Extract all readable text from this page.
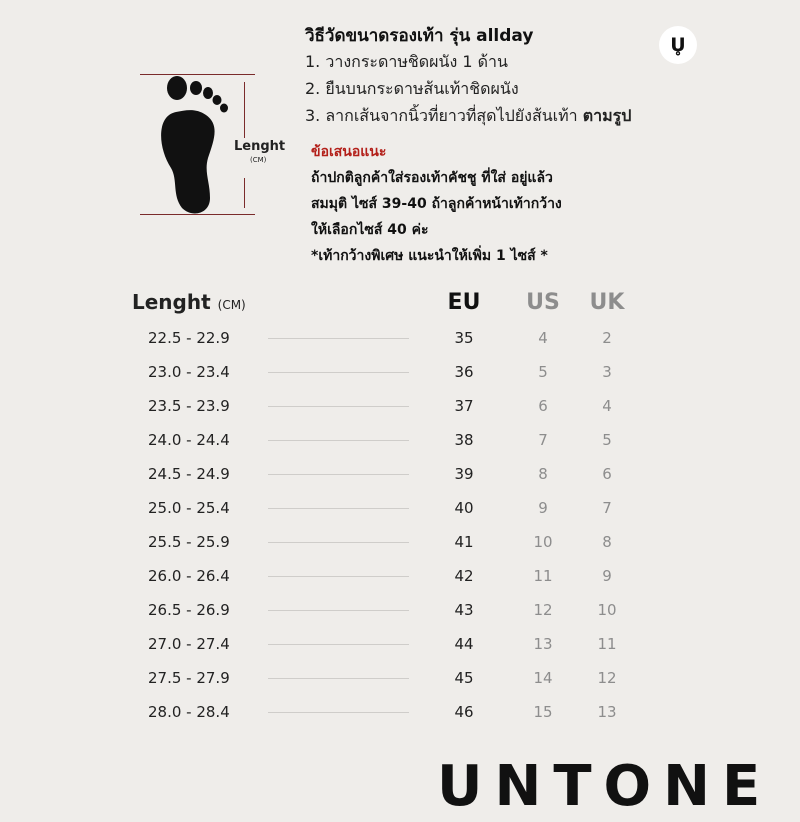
Lenght
(CM)
วิธีวัดขนาดรองเท้า รุ่น allday
1. วางกระดาษชิดผนัง 1 ด้าน
2. ยืนบนกระดาษส้นเท้าชิดผนัง
3. ลากเส้นจากนิ้วที่ยาวที่สุดไปยังส้นเท้า ตามรูป
U̥
ข้อเสนอแนะ
ถ้าปกติลูกค้าใส่รองเท้าคัชชู ที่ใส่ อยู่แล้ว
สมมุติ ไซส์ 39-40 ถ้าลูกค้าหน้าเท้ากว้าง
ให้เลือกไซส์ 40 ค่ะ
*เท้ากว้างพิเศษ แนะนำให้เพิ่ม 1 ไซส์ *
Lenght (CM)	EU	US	UK
22.5 - 22.9	35	4	2
23.0 - 23.4	36	5	3
23.5 - 23.9	37	6	4
24.0 - 24.4	38	7	5
24.5 - 24.9	39	8	6
25.0 - 25.4	40	9	7
25.5 - 25.9	41	10	8
26.0 - 26.4	42	11	9
26.5 - 26.9	43	12	10
27.0 - 27.4	44	13	11
27.5 - 27.9	45	14	12
28.0 - 28.4	46	15	13
UNTONE
